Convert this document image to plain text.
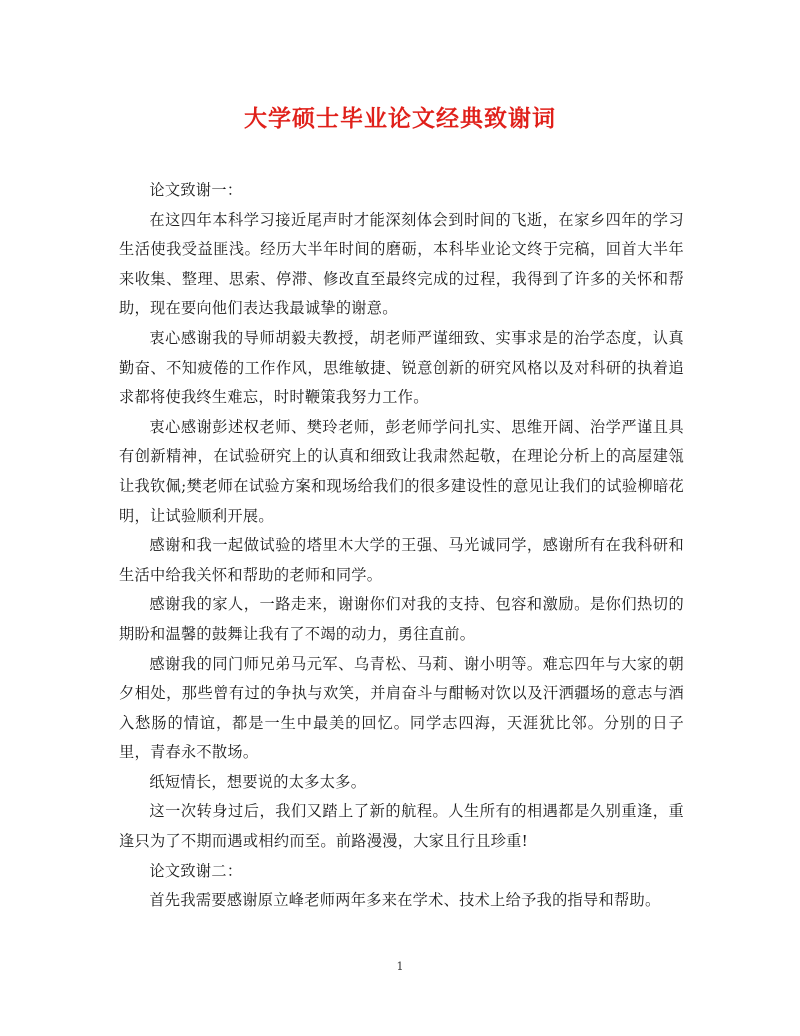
大学硕士毕业论文经典致谢词

论文致谢一：

在这四年本科学习接近尾声时才能深刻体会到时间的飞逝，在家乡四年的学习生活使我受益匪浅。经历大半年时间的磨砺，本科毕业论文终于完稿，回首大半年来收集、整理、思索、停滞、修改直至最终完成的过程，我得到了许多的关怀和帮助，现在要向他们表达我最诚挚的谢意。

衷心感谢我的导师胡毅夫教授，胡老师严谨细致、实事求是的治学态度，认真勤奋、不知疲倦的工作作风，思维敏捷、锐意创新的研究风格以及对科研的执着追求都将使我终生难忘，时时鞭策我努力工作。

衷心感谢彭述权老师、樊玲老师，彭老师学问扎实、思维开阔、治学严谨且具有创新精神，在试验研究上的认真和细致让我肃然起敬，在理论分析上的高屋建瓴让我钦佩;樊老师在试验方案和现场给我们的很多建设性的意见让我们的试验柳暗花明，让试验顺利开展。

感谢和我一起做试验的塔里木大学的王强、马光诚同学，感谢所有在我科研和生活中给我关怀和帮助的老师和同学。

感谢我的家人，一路走来，谢谢你们对我的支持、包容和激励。是你们热切的期盼和温馨的鼓舞让我有了不竭的动力，勇往直前。

感谢我的同门师兄弟马元军、乌青松、马莉、谢小明等。难忘四年与大家的朝夕相处，那些曾有过的争执与欢笑，并肩奋斗与酣畅对饮以及汗洒疆场的意志与酒入愁肠的情谊，都是一生中最美的回忆。同学志四海，天涯犹比邻。分别的日子里，青春永不散场。

纸短情长，想要说的太多太多。

这一次转身过后，我们又踏上了新的航程。人生所有的相遇都是久别重逢，重逢只为了不期而遇或相约而至。前路漫漫，大家且行且珍重!

论文致谢二：

首先我需要感谢原立峰老师两年多来在学术、技术上给予我的指导和帮助。

1
